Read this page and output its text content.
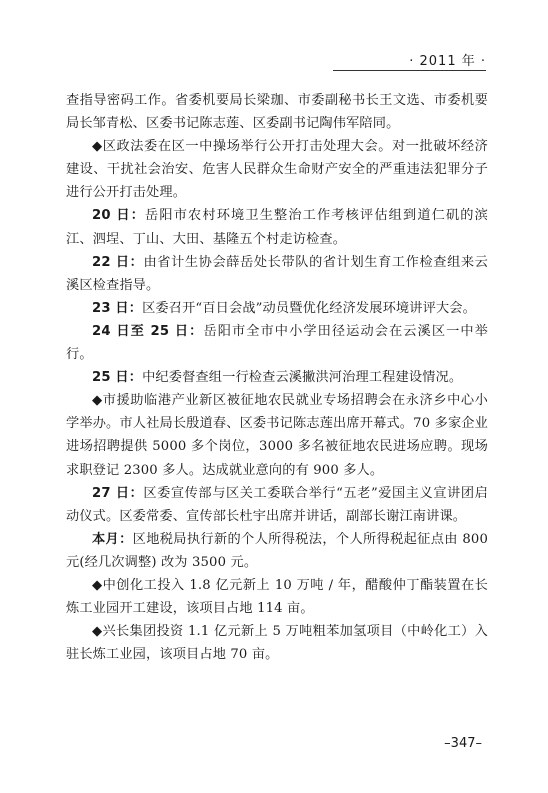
· 2011 年 ·

查指导密码工作。省委机要局长梁珈、市委副秘书长王文选、市委机要局长邹青松、区委书记陈志莲、区委副书记陶伟军陪同。

◆区政法委在区一中操场举行公开打击处理大会。对一批破坏经济建设、干扰社会治安、危害人民群众生命财产安全的严重违法犯罪分子进行公开打击处理。

20 日：岳阳市农村环境卫生整治工作考核评估组到道仁矶的滨江、泗埕、丁山、大田、基隆五个村走访检查。

22 日：由省计生协会薛岳处长带队的省计划生育工作检查组来云溪区检查指导。

23 日：区委召开“百日会战”动员暨优化经济发展环境讲评大会。

24 日至 25 日：岳阳市全市中小学田径运动会在云溪区一中举行。

25 日：中纪委督查组一行检查云溪撇洪河治理工程建设情况。

◆市援助临港产业新区被征地农民就业专场招聘会在永济乡中心小学举办。市人社局长殷道春、区委书记陈志莲出席开幕式。70 多家企业进场招聘提供 5000 多个岗位，3000 多名被征地农民进场应聘。现场求职登记 2300 多人。达成就业意向的有 900 多人。

27 日：区委宣传部与区关工委联合举行“五老”爱国主义宣讲团启动仪式。区委常委、宣传部长杜宇出席并讲话，副部长谢江南讲课。

本月：区地税局执行新的个人所得税法，个人所得税起征点由 800 元(经几次调整) 改为 3500 元。

◆中创化工投入 1.8 亿元新上 10 万吨 / 年，醋酸仲丁酯装置在长炼工业园开工建设，该项目占地 114 亩。

◆兴长集团投资 1.1 亿元新上 5 万吨粗苯加氢项目（中岭化工）入驻长炼工业园，该项目占地 70 亩。

–347–
